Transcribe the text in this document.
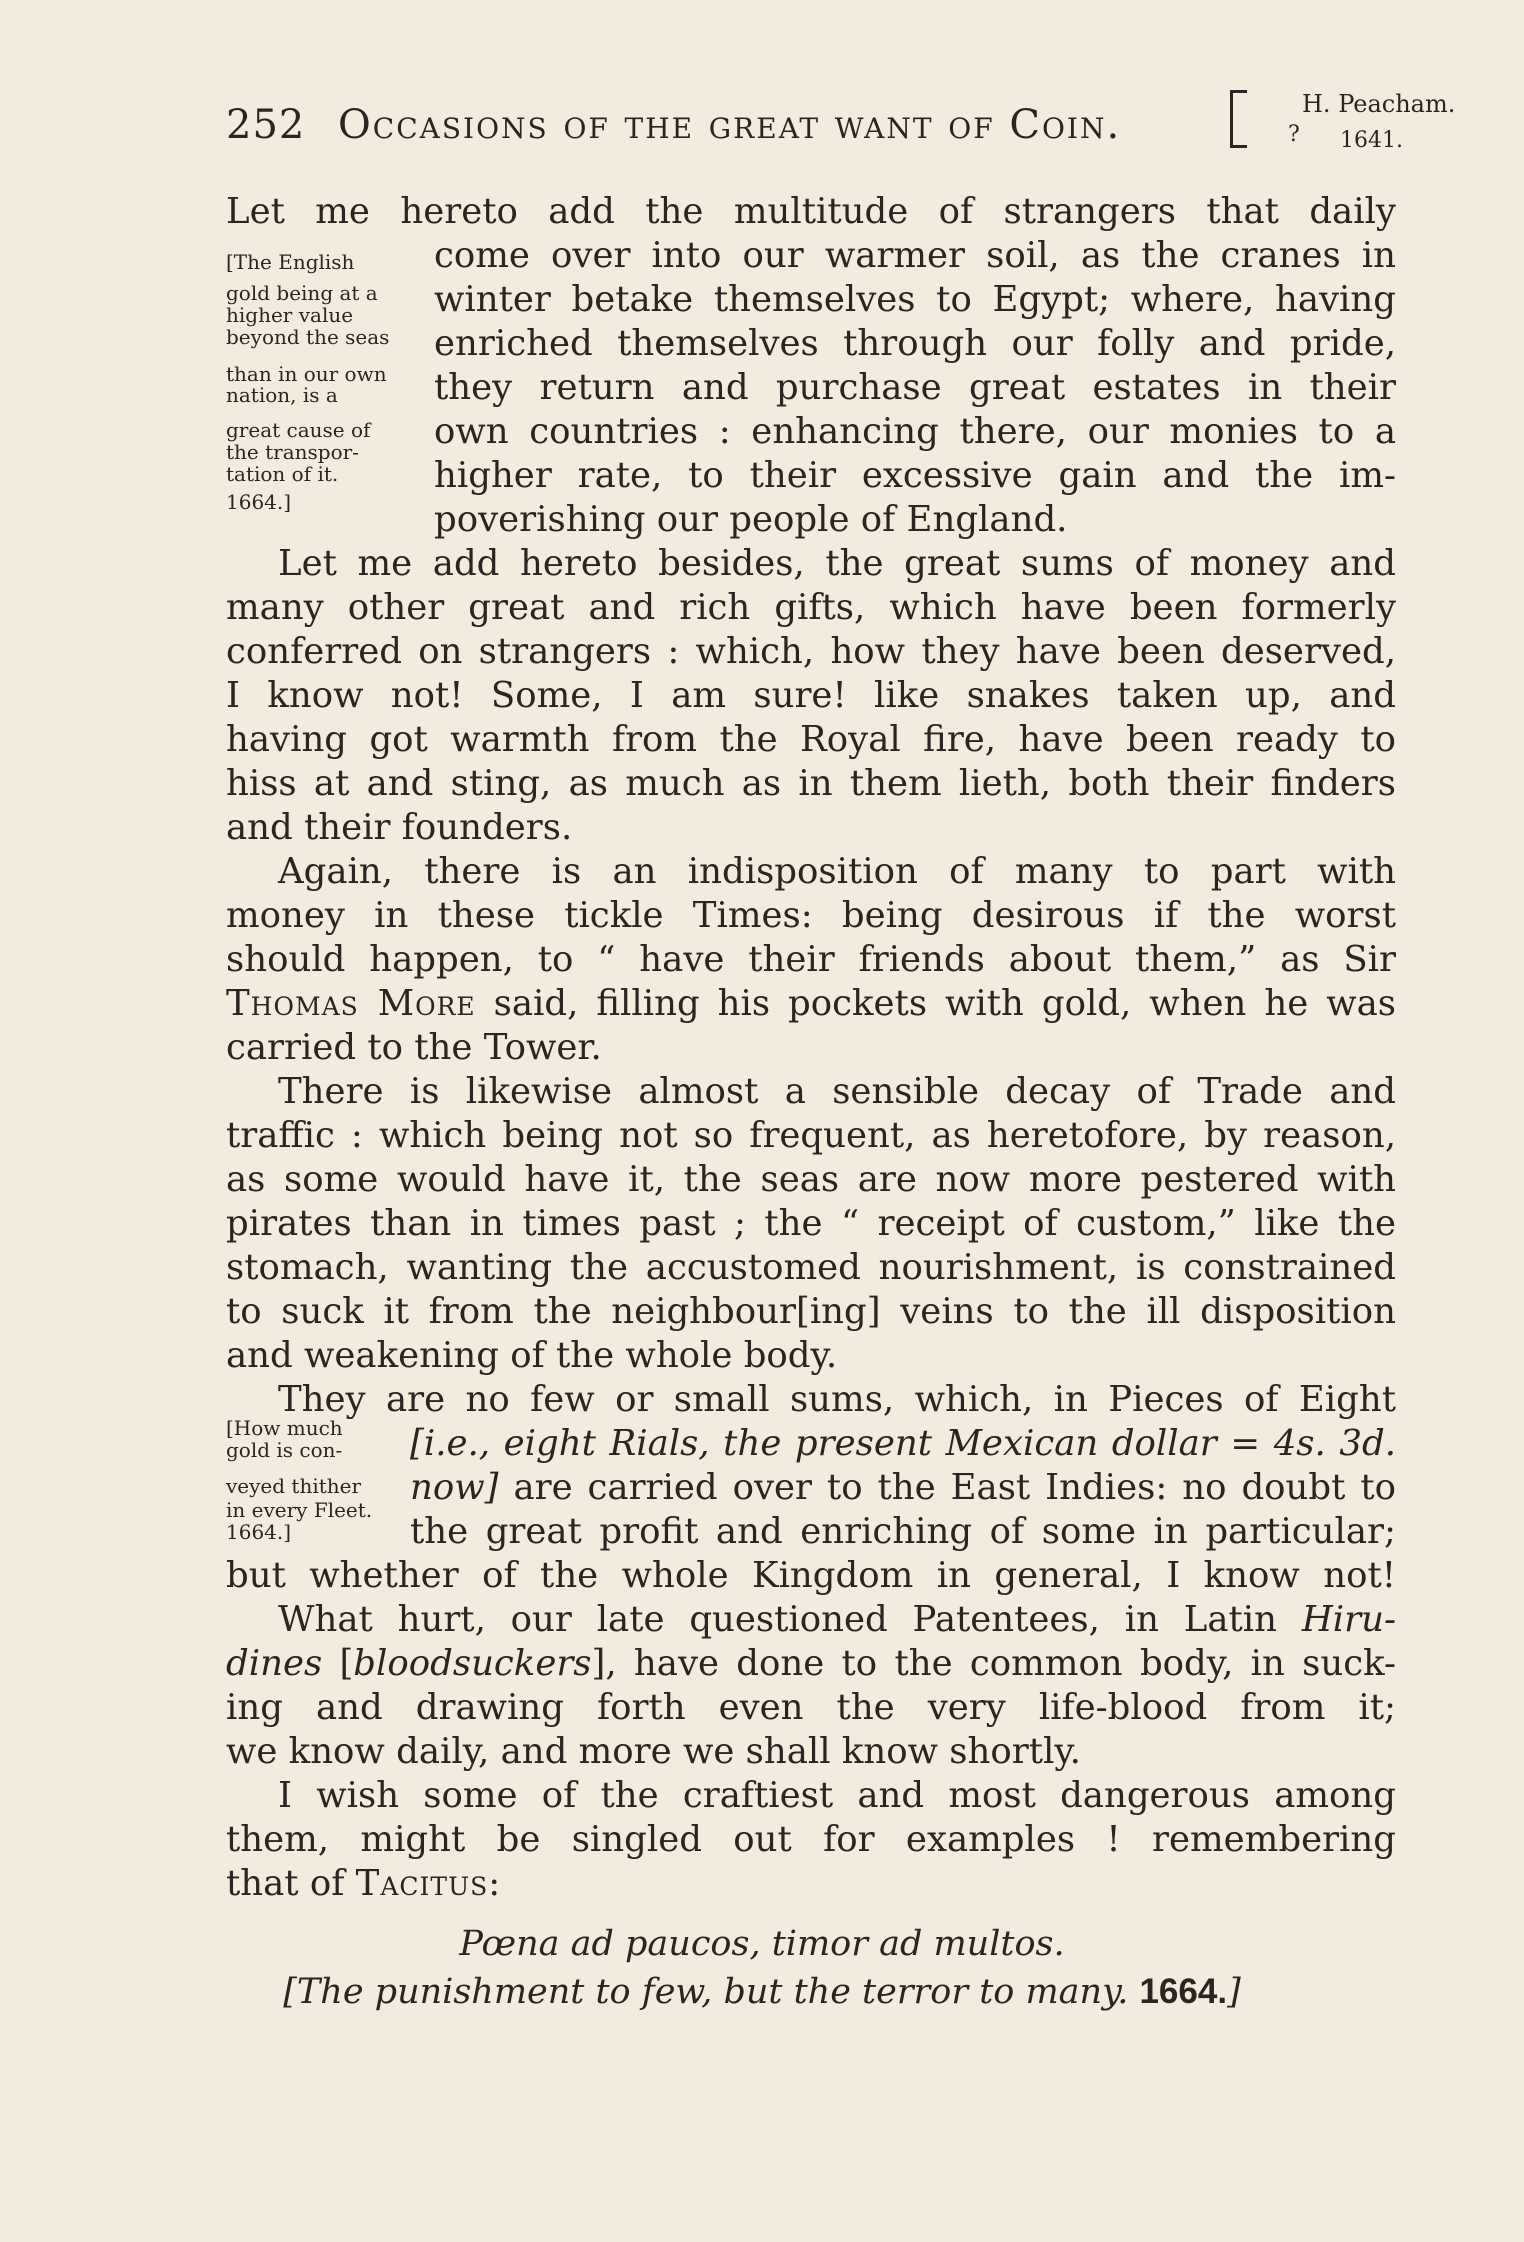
252 Occasions of the great want of Coin.	H. Peacham.
? 1641.
[The English
gold being at a
higher value
beyond the seas
than in our own
nation, is a
great cause of
the transpor-
tation of it.
1664.]
[How much
gold is con-
veyed thither
in every Fleet.
1664.]
Let me hereto add the multitude of strangers that daily
come over into our warmer soil, as the cranes in
winter betake themselves to Egypt; where, having
enriched themselves through our folly and pride,
they return and purchase great estates in their
own countries : enhancing there, our monies to a
higher rate, to their excessive gain and the im-
poverishing our people of England.
Let me add hereto besides, the great sums of money and
many other great and rich gifts, which have been formerly
conferred on strangers : which, how they have been deserved,
I know not! Some, I am sure! like snakes taken up, and
having got warmth from the Royal fire, have been ready to
hiss at and sting, as much as in them lieth, both their finders
and their founders.
Again, there is an indisposition of many to part with
money in these tickle Times: being desirous if the worst
should happen, to “ have their friends about them,” as Sir
Thomas More said, filling his pockets with gold, when he was
carried to the Tower.
There is likewise almost a sensible decay of Trade and
traffic : which being not so frequent, as heretofore, by reason,
as some would have it, the seas are now more pestered with
pirates than in times past ; the “ receipt of custom,” like the
stomach, wanting the accustomed nourishment, is constrained
to suck it from the neighbour[ing] veins to the ill disposition
and weakening of the whole body.
They are no few or small sums, which, in Pieces of Eight
[i.e., eight Rials, the present Mexican dollar = 4s. 3d.
now] are carried over to the East Indies: no doubt to
the great profit and enriching of some in particular;
but whether of the whole Kingdom in general, I know not!
What hurt, our late questioned Patentees, in Latin Hiru-
dines [bloodsuckers], have done to the common body, in suck-
ing and drawing forth even the very life-blood from it;
we know daily, and more we shall know shortly.
I wish some of the craftiest and most dangerous among
them, might be singled out for examples ! remembering
that of Tacitus:
Pœna ad paucos, timor ad multos.
[The punishment to few, but the terror to many. 1664.]
